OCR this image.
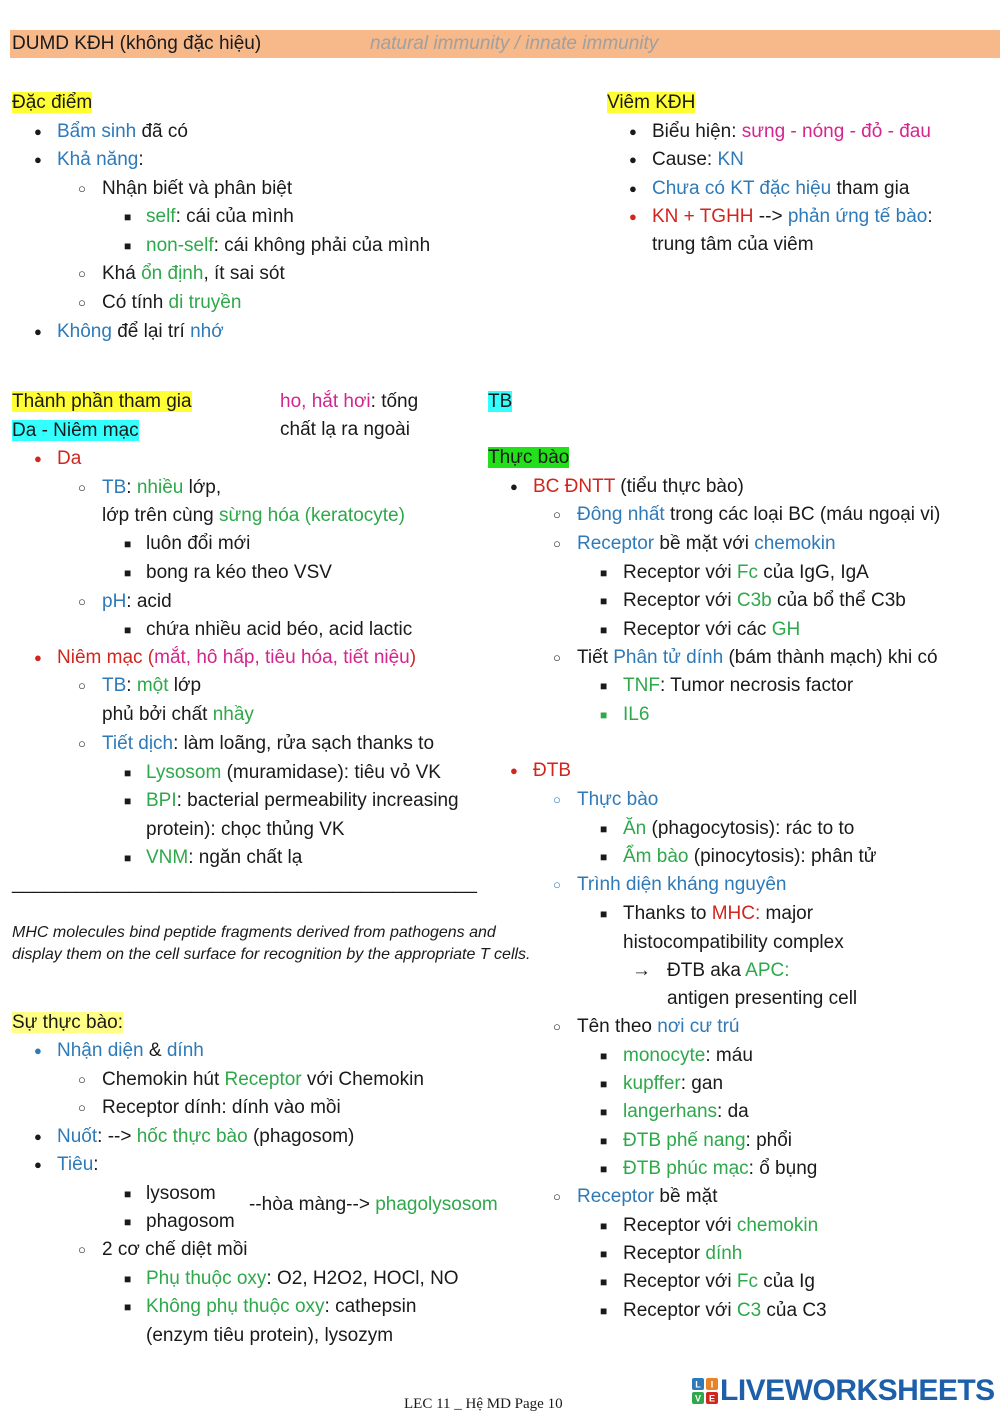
DUMD KĐH (không đặc hiệu)	natural immunity / innate immunity
Đặc điểm
●
Bẩm sinh đã có
●
Khả năng:
○
Nhận biết và phân biệt
■
self: cái của mình
■
non-self: cái không phải của mình
○
Khá ổn định, ít sai sót
○
Có tính di truyền
●
Không để lại trí nhớ
Viêm KĐH
●
Biểu hiện: sưng - nóng - đỏ - đau
●
Cause: KN
●
Chưa có KT đặc hiệu tham gia
●
KN + TGHH --> phản ứng tế bào:
trung tâm của viêm
Thành phần tham gia
Da - Niêm mạc
ho, hắt hơi: tống
chất lạ ra ngoài
●
Da
○
TB: nhiều lớp,
lớp trên cùng sừng hóa (keratocyte)
■
luôn đổi mới
■
bong ra kéo theo VSV
○
pH: acid
■
chứa nhiều acid béo, acid lactic
●
Niêm mạc (mắt, hô hấp, tiêu hóa, tiết niệu)
○
TB: một lớp
phủ bởi chất nhầy
○
Tiết dịch: làm loãng, rửa sạch thanks to
■
Lysosom (muramidase): tiêu vỏ VK
■
BPI: bacterial permeability increasing
protein): chọc thủng VK
■
VNM: ngăn chất lạ
____________________________________________
MHC molecules bind peptide fragments derived from pathogens and
display them on the cell surface for recognition by the appropriate T cells.
Sự thực bào:
●
Nhận diện & dính
○
Chemokin hút Receptor với Chemokin
○
Receptor dính: dính vào mồi
●
Nuốt: --> hốc thực bào (phagosom)
●
Tiêu:
■
lysosom
--hòa màng--> phagolysosom
■
phagosom
○
2 cơ chế diệt mồi
■
Phụ thuộc oxy: O2, H2O2, HOCl, NO
■
Không phụ thuộc oxy: cathepsin
(enzym tiêu protein), lysozym
TB
Thực bào
●
BC ĐNTT (tiểu thực bào)
○
Đông nhất trong các loại BC (máu ngoại vi)
○
Receptor bề mặt với chemokin
■
Receptor với Fc của IgG, IgA
■
Receptor với C3b của bổ thể C3b
■
Receptor với các GH
○
Tiết Phân tử dính (bám thành mạch) khi có
■
TNF: Tumor necrosis factor
■
IL6
●
ĐTB
○
Thực bào
■
Ăn (phagocytosis): rác to to
■
Ẩm bào (pinocytosis): phân tử
○
Trình diện kháng nguyên
■
Thanks to MHC: major
histocompatibility complex
→ ĐTB aka APC:
antigen presenting cell
○
Tên theo nơi cư trú
■
monocyte: máu
■
kupffer: gan
■
langerhans: da
■
ĐTB phế nang: phổi
■
ĐTB phúc mạc: ổ bụng
○
Receptor bề mặt
■
Receptor với chemokin
■
Receptor dính
■
Receptor với Fc của Ig
■
Receptor với C3 của C3
LEC 11 _ Hệ MD Page 10
L I
V E LIVEWORKSHEETS
